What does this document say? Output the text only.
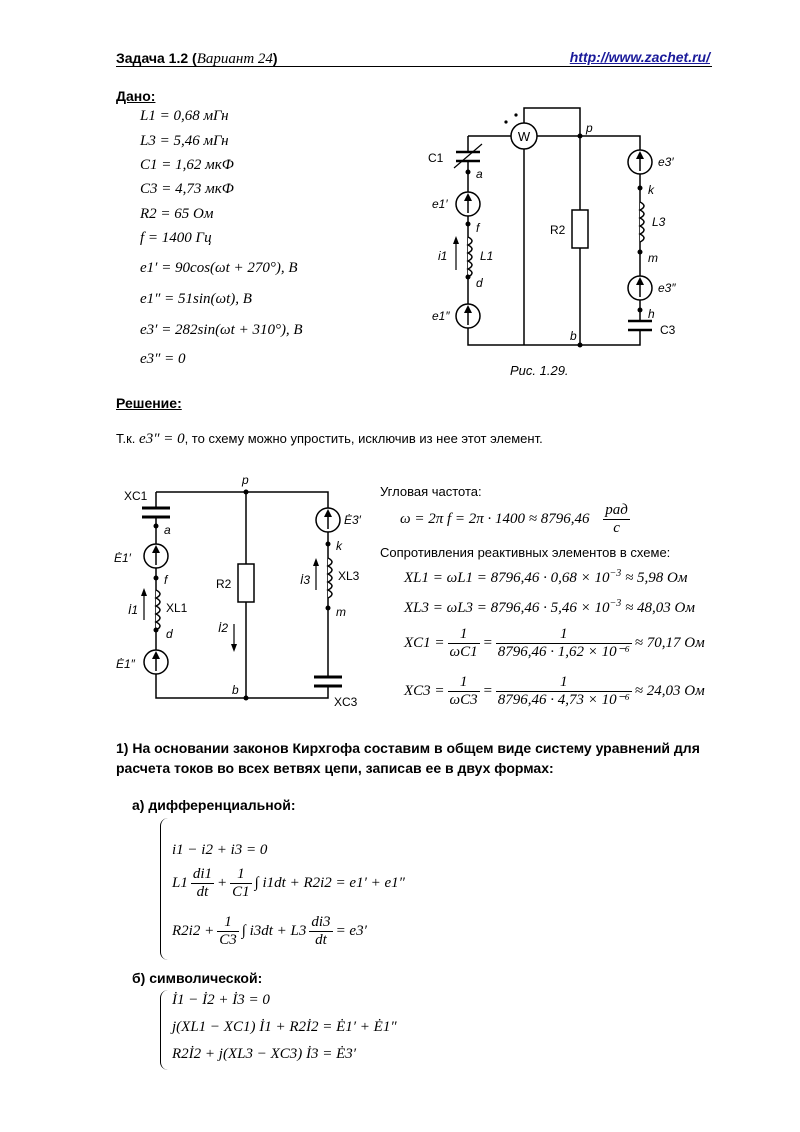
Задача 1.2 (Вариант 24)	http://www.zachet.ru/
Дано:
L1 = 0,68 мГн
L3 = 5,46 мГн
C1 = 1,62 мкФ
C3 = 4,73 мкФ
R2 = 65 Ом
f = 1400 Гц
e1′ = 90cos(ωt + 270°), B
e1″ = 51sin(ωt), B
e3′ = 282sin(ωt + 310°), B
e3″ = 0
W
p
C1
a
e1′
f
i1	L1
d
e1″
R2
b
e3′
k
L3
m
e3″
h
C3
Рис. 1.29.
Решение:
Т.к. e3″ = 0, то схему можно упростить, исключив из нее этот элемент.
p
b
XC1
a
Ė1′
f
İ1 XL1
d
Ė1″
R2
İ2
Ė3′
k
İ3 XL3
m
XC3
Угловая частота:
ω = 2π $f = 2\pi \cdot 1400 \approx 8796,46 \frac{\text{рад}}{с}$
Сопротивления реактивных элементов в схеме:
$XL1 = \omega L1 = 8796,46 \cdot 0,68 \times 10^{-3} \approx 5,98$ Ом
$XL3 = \omega L3 = 8796,46 \cdot 5,46 \times 10^{-3} \approx 48,03$ Ом
$XC1 = \frac{1}{\omega C1} = \frac{1}{\text{8796,46 · 1,62 × 10⁻⁶}} \approx 70,17$ Ом
$XC3 = \frac{1}{\omega C3} = \frac{1}{\text{8796,46 · 4,73 × 10⁻⁶}} \approx 24,03$ Ом
1) На основании законов Кирхгофа составим в общем виде систему уравнений для
расчета токов во всех ветвях цепи, записав ее в двух формах:
а) дифференциальной:
i1 − i2 + i3 = 0
$L1 \frac{di1}{dt} + \frac{1}{C1}$ ∫ i1dt + R2i2 = e1′ + e1″
$R2i2 + \frac{1}{C3}$ ∫ $i3dt + L3 \frac{di3}{dt} = e3'$
б) символической:
İ1 − İ2 + İ3 = 0
j(XL1 − XC1) İ1 + R2İ2 = Ė1′ + Ė1″
R2İ2 + j(XL3 − XC3) İ3 = Ė3′
